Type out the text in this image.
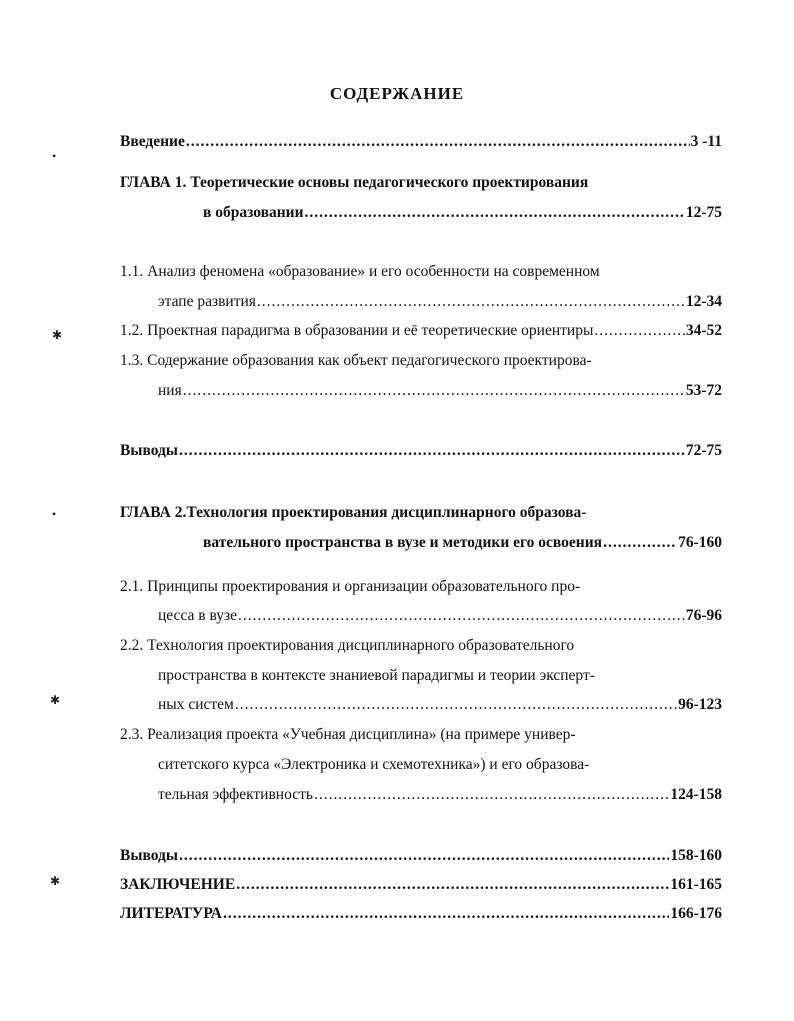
СОДЕРЖАНИЕ
•
✱
•
✱
✱
Введение .....	3 -11
ГЛАВА 1. Теоретические основы педагогического проектирования
в образовании .....	12-75
1.1. Анализ феномена «образование» и его особенности на современном
этапе развития .....	12-34
1.2. Проектная парадигма в образовании и её теоретические ориентиры .....	34-52
1.3. Содержание образования как объект педагогического проектирова-
ния .....	53-72
Выводы .....	72-75
ГЛАВА 2.Технология проектирования дисциплинарного образова-
вательного пространства в вузе и методики его освоения .....	76-160
2.1. Принципы проектирования и организации образовательного про-
цесса в вузе .....	76-96
2.2. Технология проектирования дисциплинарного образовательного
пространства в контексте знаниевой парадигмы и теории эксперт-
ных систем .....	96-123
2.3. Реализация проекта «Учебная дисциплина» (на примере универ-
ситетского курса «Электроника и схемотехника») и его образова-
тельная эффективность .....	124-158
Выводы .....	158-160
ЗАКЛЮЧЕНИЕ .....	161-165
ЛИТЕРАТУРА .....	166-176
